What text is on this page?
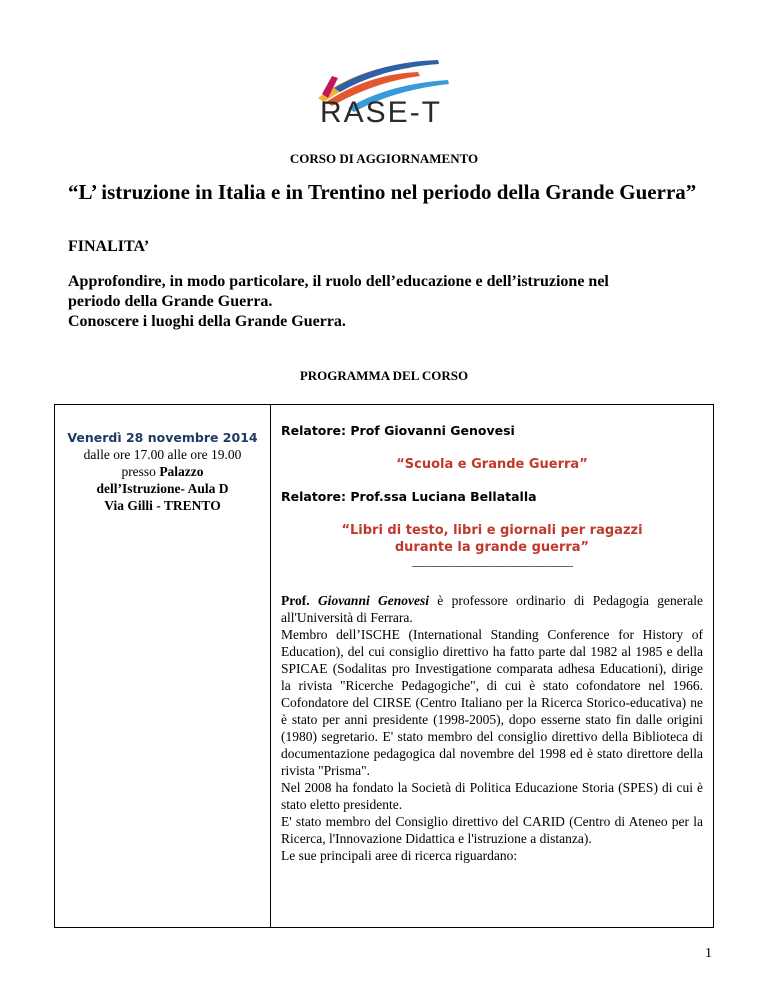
RASE-T
CORSO DI AGGIORNAMENTO
“L’ istruzione in Italia e in Trentino nel periodo della Grande Guerra”
FINALITA’
Approfondire, in modo particolare, il ruolo dell’educazione e dell’istruzione nel
periodo della Grande Guerra.
Conoscere i luoghi della Grande Guerra.
PROGRAMMA DEL CORSO
Venerdì 28 novembre 2014
dalle ore 17.00 alle ore 19.00
presso Palazzo
dell’Istruzione- Aula D
Via Gilli - TRENTO

Relatore: Prof Giovanni Genovesi
“Scuola e Grande Guerra”
Relatore: Prof.ssa Luciana Bellatalla
“Libri di testo, libri e giornali per ragazzi
durante la grande guerra”
________________________________

Prof. Giovanni Genovesi è professore ordinario di Pedagogia generale all'Università di Ferrara.

Membro dell’ISCHE (International Standing Conference for History of Education), del cui consiglio direttivo ha fatto parte dal 1982 al 1985 e della SPICAE (Sodalitas pro Investigatione comparata adhesa Educationi), dirige la rivista "Ricerche Pedagogiche", di cui è stato cofondatore nel 1966. Cofondatore del CIRSE (Centro Italiano per la Ricerca Storico-educativa) ne è stato per anni presidente (1998-2005), dopo esserne stato fin dalle origini (1980) segretario. E' stato membro del consiglio direttivo della Biblioteca di documentazione pedagogica dal novembre del 1998 ed è stato direttore della rivista "Prisma".

Nel 2008 ha fondato la Società di Politica Educazione Storia (SPES) di cui è stato eletto presidente.

E' stato membro del Consiglio direttivo del CARID (Centro di Ateneo per la Ricerca, l'Innovazione Didattica e l'istruzione a distanza).

Le sue principali aree di ricerca riguardano:

1
